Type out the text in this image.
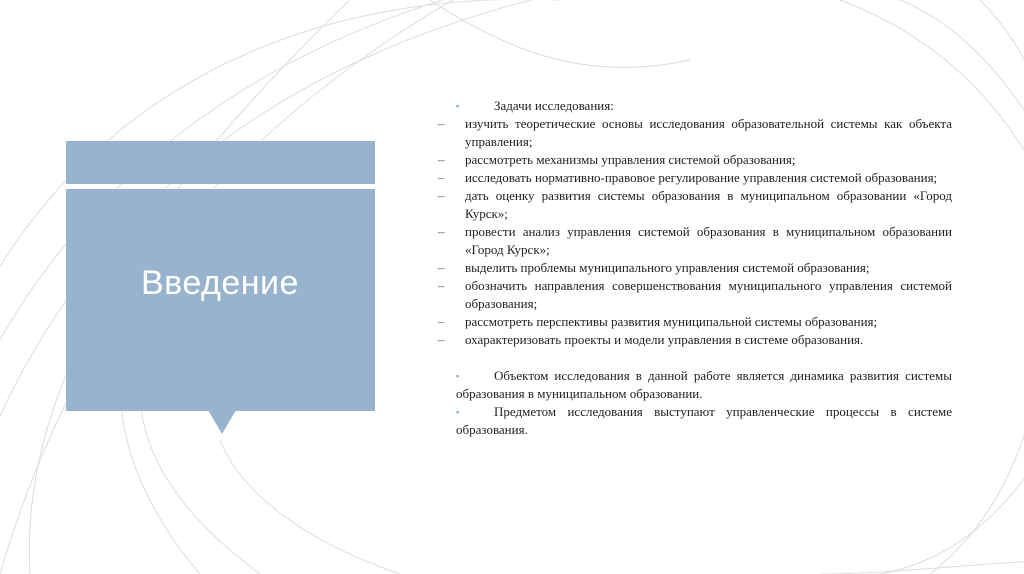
Введение
▪	Задачи исследования:
– изучить теоретические основы исследования образовательной системы как объекта управления;
– рассмотреть механизмы управления системой образования;
– исследовать нормативно-правовое регулирование управления системой образования;
– дать оценку развития системы образования в муниципальном образовании «Город Курск»;
– провести анализ управления системой образования в муниципальном образовании «Город Курск»;
– выделить проблемы муниципального управления системой образования;
– обозначить направления совершенствования муниципального управления системой образования;
– рассмотреть перспективы развития муниципальной системы образования;
– охарактеризовать проекты и модели управления в системе образования.
▪	Объектом исследования в данной работе является динамика развития системы образования в муниципальном образовании.
▪	Предметом исследования выступают управленческие процессы в системе образования.
